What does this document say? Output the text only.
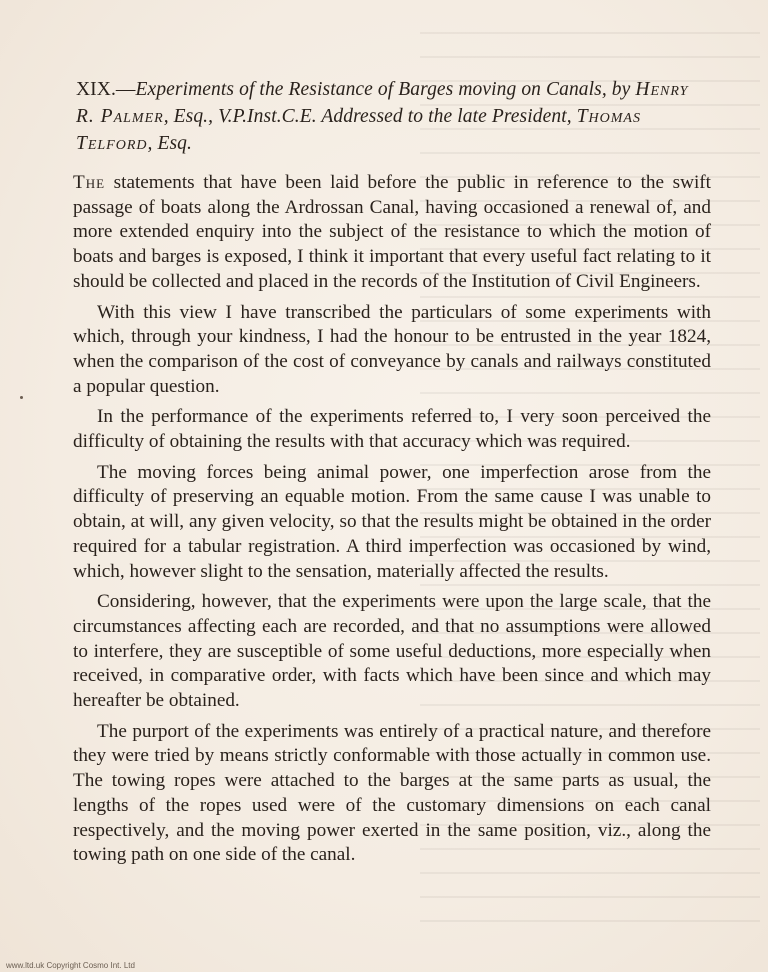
XIX.—Experiments of the Resistance of Barges moving on Canals, by Henry R. Palmer, Esq., V.P.Inst.C.E. Addressed to the late President, Thomas Telford, Esq.

The statements that have been laid before the public in reference to the swift passage of boats along the Ardrossan Canal, having occasioned a renewal of, and more extended enquiry into the subject of the resistance to which the motion of boats and barges is exposed, I think it important that every useful fact relating to it should be collected and placed in the records of the Institution of Civil Engineers.

With this view I have transcribed the particulars of some experiments with which, through your kindness, I had the honour to be entrusted in the year 1824, when the comparison of the cost of conveyance by canals and railways constituted a popular question.

In the performance of the experiments referred to, I very soon perceived the difficulty of obtaining the results with that accuracy which was required.

The moving forces being animal power, one imperfection arose from the difficulty of preserving an equable motion. From the same cause I was unable to obtain, at will, any given velocity, so that the results might be obtained in the order required for a tabular registration. A third imperfection was occasioned by wind, which, however slight to the sensation, materially affected the results.

Considering, however, that the experiments were upon the large scale, that the circumstances affecting each are recorded, and that no assumptions were allowed to interfere, they are susceptible of some useful deductions, more especially when received, in comparative order, with facts which have been since and which may hereafter be obtained.

The purport of the experiments was entirely of a practical nature, and therefore they were tried by means strictly conformable with those actually in common use. The towing ropes were attached to the barges at the same parts as usual, the lengths of the ropes used were of the customary dimensions on each canal respectively, and the moving power exerted in the same position, viz., along the towing path on one side of the canal.

www.ltd.uk Copyright Cosmo Int. Ltd
